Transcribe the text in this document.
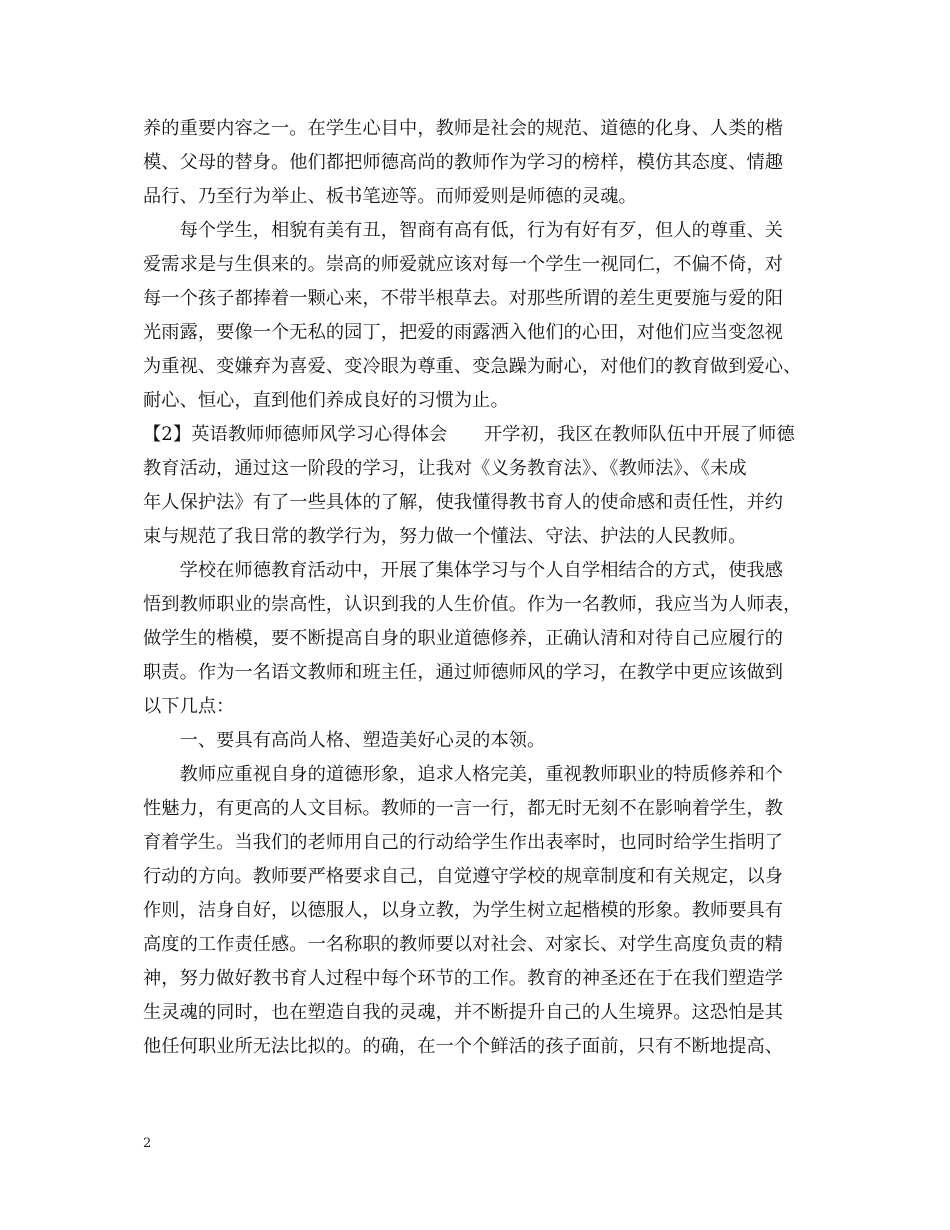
养的重要内容之一。在学生心目中，教师是社会的规范、道德的化身、人类的楷
模、父母的替身。他们都把师德高尚的教师作为学习的榜样，模仿其态度、情趣
品行、乃至行为举止、板书笔迹等。而师爱则是师德的灵魂。
　　每个学生，相貌有美有丑，智商有高有低，行为有好有歹，但人的尊重、关
爱需求是与生俱来的。崇高的师爱就应该对每一个学生一视同仁，不偏不倚，对
每一个孩子都捧着一颗心来，不带半根草去。对那些所谓的差生更要施与爱的阳
光雨露，要像一个无私的园丁，把爱的雨露洒入他们的心田，对他们应当变忽视
为重视、变嫌弃为喜爱、变冷眼为尊重、变急躁为耐心，对他们的教育做到爱心、
耐心、恒心，直到他们养成良好的习惯为止。
【2】英语教师师德师风学习心得体会　　开学初，我区在教师队伍中开展了师德
教育活动，通过这一阶段的学习，让我对《义务教育法》、《教师法》、《未成
年人保护法》有了一些具体的了解，使我懂得教书育人的使命感和责任性，并约
束与规范了我日常的教学行为，努力做一个懂法、守法、护法的人民教师。
　　学校在师德教育活动中，开展了集体学习与个人自学相结合的方式，使我感
悟到教师职业的崇高性，认识到我的人生价值。作为一名教师，我应当为人师表，
做学生的楷模，要不断提高自身的职业道德修养，正确认清和对待自己应履行的
职责。作为一名语文教师和班主任，通过师德师风的学习，在教学中更应该做到
以下几点：
　　一、要具有高尚人格、塑造美好心灵的本领。
　　教师应重视自身的道德形象，追求人格完美，重视教师职业的特质修养和个
性魅力，有更高的人文目标。教师的一言一行，都无时无刻不在影响着学生，教
育着学生。当我们的老师用自己的行动给学生作出表率时，也同时给学生指明了
行动的方向。教师要严格要求自己，自觉遵守学校的规章制度和有关规定，以身
作则，洁身自好，以德服人，以身立教，为学生树立起楷模的形象。教师要具有
高度的工作责任感。一名称职的教师要以对社会、对家长、对学生高度负责的精
神，努力做好教书育人过程中每个环节的工作。教育的神圣还在于在我们塑造学
生灵魂的同时，也在塑造自我的灵魂，并不断提升自己的人生境界。这恐怕是其
他任何职业所无法比拟的。的确，在一个个鲜活的孩子面前，只有不断地提高、
2
